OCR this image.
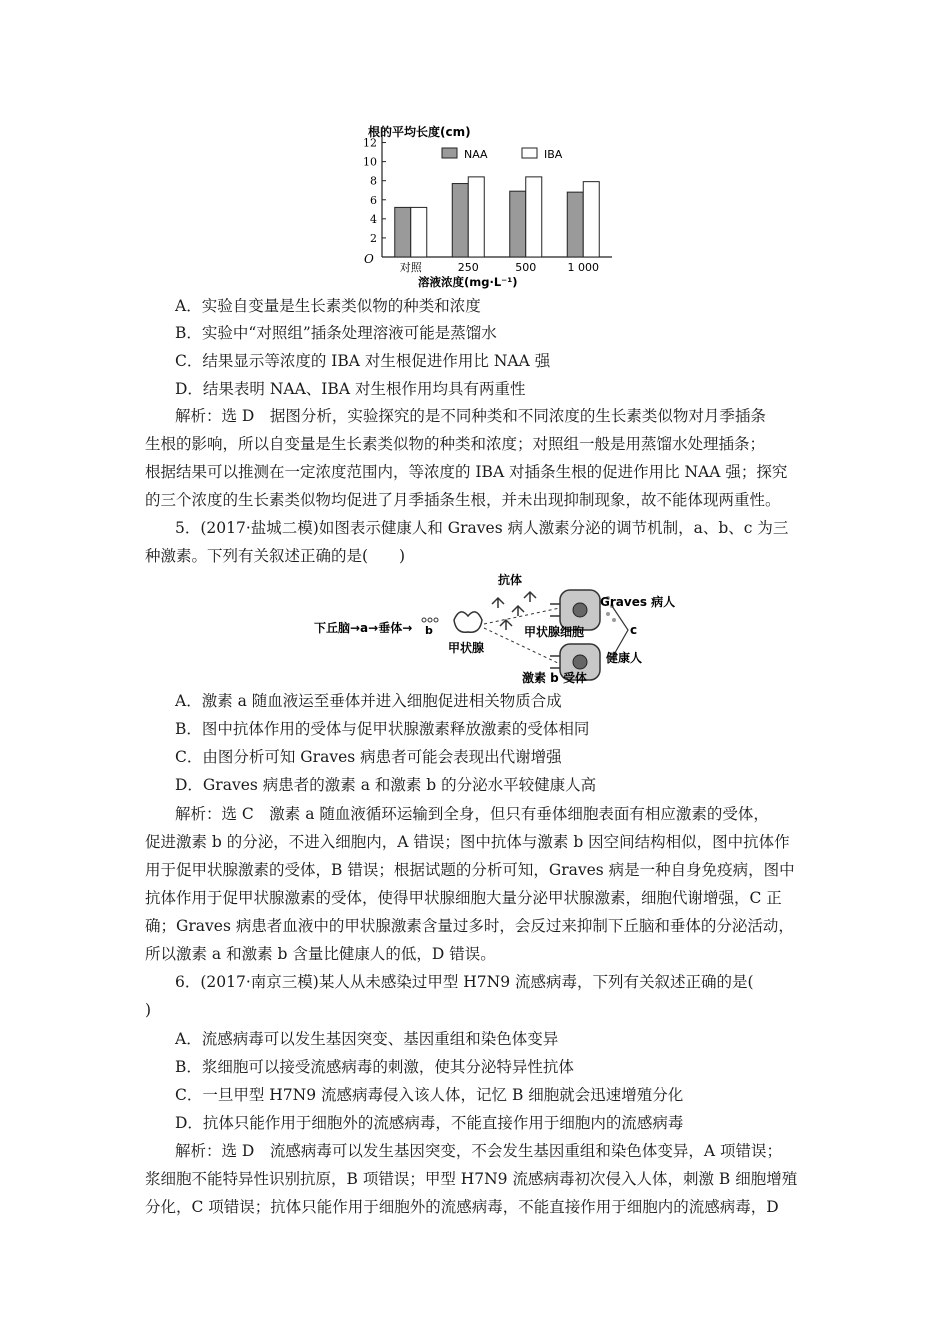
根的平均长度(cm)
O
溶液浓度(mg·L⁻¹)
2
4
6
8
10
12
NAA	IBA
对照	250	500	1 000
A．实验自变量是生长素类似物的种类和浓度
B．实验中“对照组”插条处理溶液可能是蒸馏水
C．结果显示等浓度的 IBA 对生根促进作用比 NAA 强
D．结果表明 NAA、IBA 对生根作用均具有两重性
解析：选 D　据图分析，实验探究的是不同种类和不同浓度的生长素类似物对月季插条
生根的影响，所以自变量是生长素类似物的种类和浓度；对照组一般是用蒸馏水处理插条；
根据结果可以推测在一定浓度范围内，等浓度的 IBA 对插条生根的促进作用比 NAA 强；探究
的三个浓度的生长素类似物均促进了月季插条生根，并未出现抑制现象，故不能体现两重性。
5．(2017·盐城二模)如图表示健康人和 Graves 病人激素分泌的调节机制，a、b、c 为三
种激素。下列有关叙述正确的是(　　)
抗体
Graves 病人
下丘脑→a→垂体→ b
甲状腺
甲状腺细胞	c
健康人
激素 b 受体
A．激素 a 随血液运至垂体并进入细胞促进相关物质合成
B．图中抗体作用的受体与促甲状腺激素释放激素的受体相同
C．由图分析可知 Graves 病患者可能会表现出代谢增强
D．Graves 病患者的激素 a 和激素 b 的分泌水平较健康人高
解析：选 C　激素 a 随血液循环运输到全身，但只有垂体细胞表面有相应激素的受体，
促进激素 b 的分泌，不进入细胞内，A 错误；图中抗体与激素 b 因空间结构相似，图中抗体作
用于促甲状腺激素的受体，B 错误；根据试题的分析可知，Graves 病是一种自身免疫病，图中
抗体作用于促甲状腺激素的受体，使得甲状腺细胞大量分泌甲状腺激素，细胞代谢增强，C 正
确；Graves 病患者血液中的甲状腺激素含量过多时，会反过来抑制下丘脑和垂体的分泌活动，
所以激素 a 和激素 b 含量比健康人的低，D 错误。
6．(2017·南京三模)某人从未感染过甲型 H7N9 流感病毒，下列有关叙述正确的是(
)
A．流感病毒可以发生基因突变、基因重组和染色体变异
B．浆细胞可以接受流感病毒的刺激，使其分泌特异性抗体
C．一旦甲型 H7N9 流感病毒侵入该人体，记忆 B 细胞就会迅速增殖分化
D．抗体只能作用于细胞外的流感病毒，不能直接作用于细胞内的流感病毒
解析：选 D　流感病毒可以发生基因突变，不会发生基因重组和染色体变异，A 项错误；
浆细胞不能特异性识别抗原，B 项错误；甲型 H7N9 流感病毒初次侵入人体，刺激 B 细胞增殖
分化，C 项错误；抗体只能作用于细胞外的流感病毒，不能直接作用于细胞内的流感病毒，D
